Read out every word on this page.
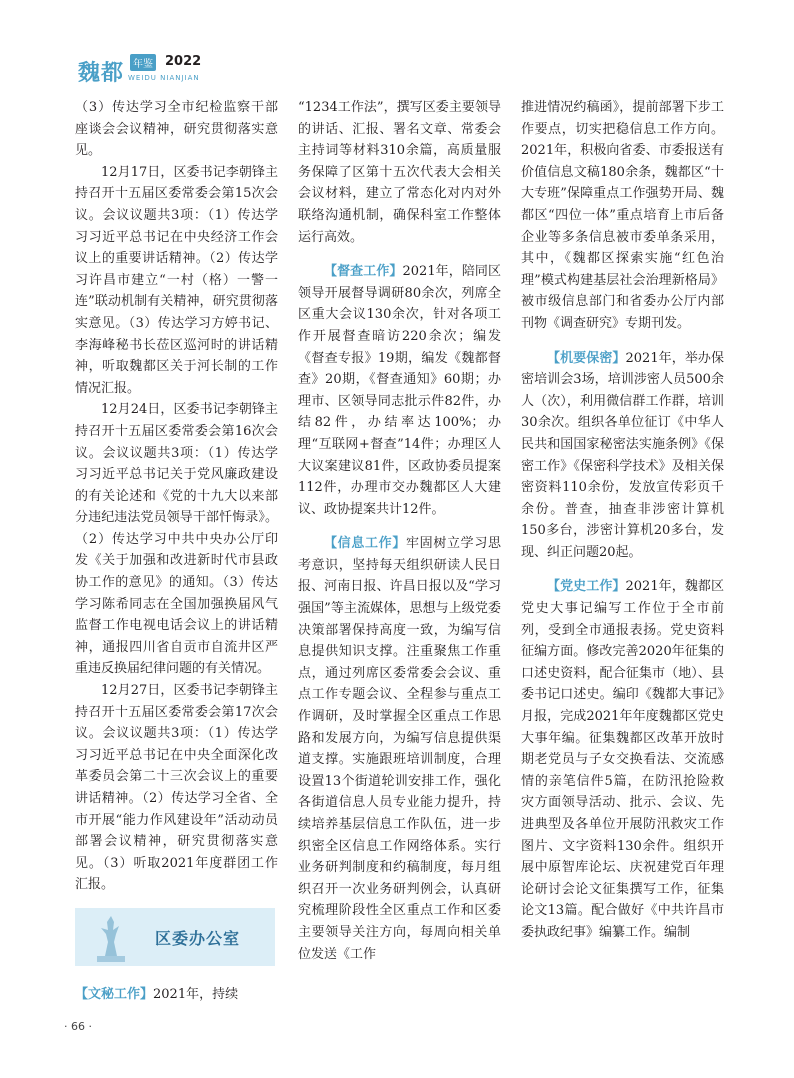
魏都 年鉴 2022
WEIDU NIANJIAN

（3）传达学习全市纪检监察干部座谈会会议精神，研究贯彻落实意见。

12月17日，区委书记李朝锋主持召开十五届区委常委会第15次会议。会议议题共3项：（1）传达学习习近平总书记在中央经济工作会议上的重要讲话精神。（2）传达学习许昌市建立“一村（格）一警一连”联动机制有关精神，研究贯彻落实意见。（3）传达学习方婷书记、李海峰秘书长莅区巡河时的讲话精神，听取魏都区关于河长制的工作情况汇报。

12月24日，区委书记李朝锋主持召开十五届区委常委会第16次会议。会议议题共3项：（1）传达学习习近平总书记关于党风廉政建设的有关论述和《党的十九大以来部分违纪违法党员领导干部忏悔录》。（2）传达学习中共中央办公厅印发《关于加强和改进新时代市县政协工作的意见》的通知。（3）传达学习陈希同志在全国加强换届风气监督工作电视电话会议上的讲话精神，通报四川省自贡市自流井区严重违反换届纪律问题的有关情况。

12月27日，区委书记李朝锋主持召开十五届区委常委会第17次会议。会议议题共3项：（1）传达学习习近平总书记在中央全面深化改革委员会第二十三次会议上的重要讲话精神。（2）传达学习全省、全市开展“能力作风建设年”活动动员部署会议精神，研究贯彻落实意见。（3）听取2021年度群团工作汇报。

区委办公室
【文秘工作】2021年，持续

“1234工作法”，撰写区委主要领导的讲话、汇报、署名文章、常委会主持词等材料310余篇，高质量服务保障了区第十五次代表大会相关会议材料，建立了常态化对内对外联络沟通机制，确保科室工作整体运行高效。

【督查工作】2021年，陪同区领导开展督导调研80余次，列席全区重大会议130余次，针对各项工作开展督查暗访220余次；编发《督查专报》19期，编发《魏都督查》20期，《督查通知》60期；办理市、区领导同志批示件82件，办结82件，办结率达100%；办理“互联网+督查”14件；办理区人大议案建议81件，区政协委员提案112件，办理市交办魏都区人大建议、政协提案共计12件。

【信息工作】牢固树立学习思考意识，坚持每天组织研读人民日报、河南日报、许昌日报以及“学习强国”等主流媒体，思想与上级党委决策部署保持高度一致，为编写信息提供知识支撑。注重聚焦工作重点，通过列席区委常委会会议、重点工作专题会议、全程参与重点工作调研，及时掌握全区重点工作思路和发展方向，为编写信息提供渠道支撑。实施跟班培训制度，合理设置13个街道轮训安排工作，强化各街道信息人员专业能力提升，持续培养基层信息工作队伍，进一步织密全区信息工作网络体系。实行业务研判制度和约稿制度，每月组织召开一次业务研判例会，认真研究梳理阶段性全区重点工作和区委主要领导关注方向，每周向相关单位发送《工作

推进情况约稿函》，提前部署下步工作要点，切实把稳信息工作方向。2021年，积极向省委、市委报送有价值信息文稿180余条，魏都区“十大专班”保障重点工作强势开局、魏都区“四位一体”重点培育上市后备企业等多条信息被市委单条采用，其中，《魏都区探索实施“红色治理”模式构建基层社会治理新格局》被市级信息部门和省委办公厅内部刊物《调查研究》专期刊发。

【机要保密】2021年，举办保密培训会3场，培训涉密人员500余人（次），利用微信群工作群，培训30余次。组织各单位征订《中华人民共和国国家秘密法实施条例》《保密工作》《保密科学技术》及相关保密资料110余份，发放宣传彩页千余份。普查，抽查非涉密计算机150多台，涉密计算机20多台，发现、纠正问题20起。

【党史工作】2021年，魏都区党史大事记编写工作位于全市前列，受到全市通报表扬。党史资料征编方面。修改完善2020年征集的口述史资料，配合征集市（地）、县委书记口述史。编印《魏都大事记》月报，完成2021年年度魏都区党史大事年编。征集魏都区改革开放时期老党员与子女交换看法、交流感情的亲笔信件5篇，在防汛抢险救灾方面领导活动、批示、会议、先进典型及各单位开展防汛救灾工作图片、文字资料130余件。组织开展中原智库论坛、庆祝建党百年理论研讨会论文征集撰写工作，征集论文13篇。配合做好《中共许昌市委执政纪事》编纂工作。编制

· 66 ·
